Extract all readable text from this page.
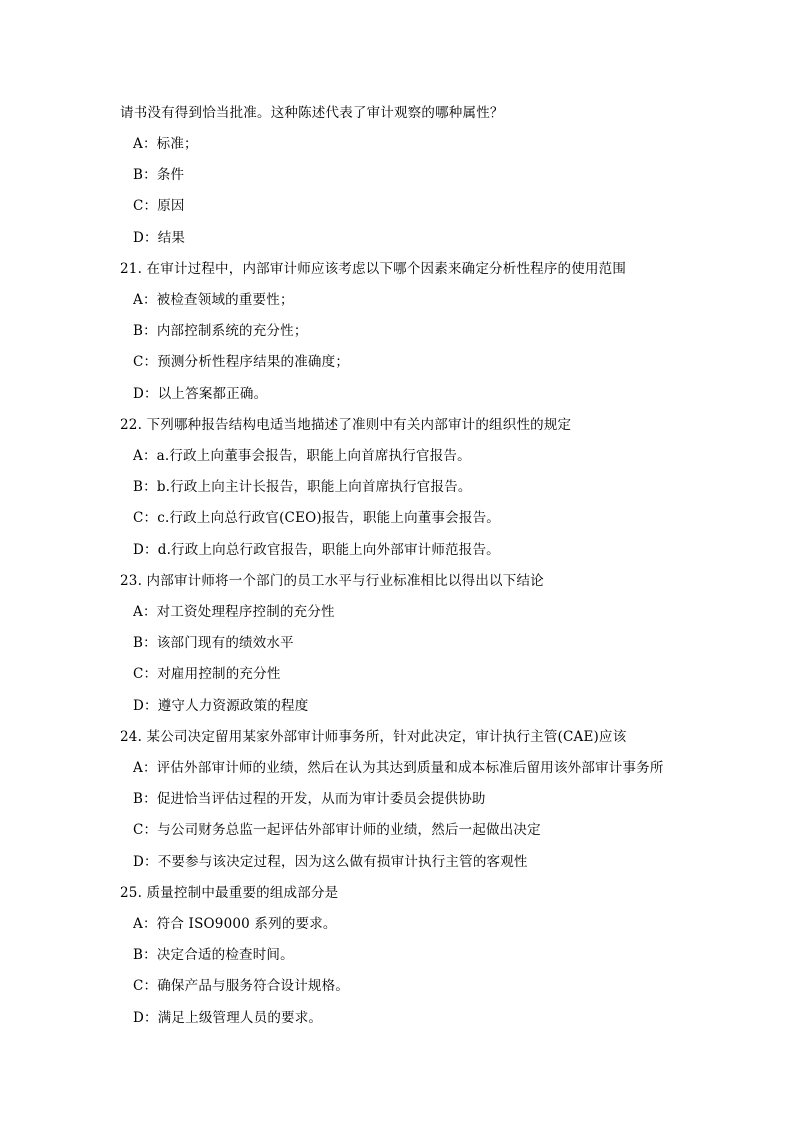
请书没有得到恰当批准。这种陈述代表了审计观察的哪种属性？
A：标准；
B：条件
C：原因
D：结果
21. 在审计过程中，内部审计师应该考虑以下哪个因素来确定分析性程序的使用范围
A：被检查领域的重要性；
B：内部控制系统的充分性；
C：预测分析性程序结果的准确度；
D：以上答案都正确。
22. 下列哪种报告结构电适当地描述了准则中有关内部审计的组织性的规定
A：a.行政上向董事会报告，职能上向首席执行官报告。
B：b.行政上向主计长报告，职能上向首席执行官报告。
C：c.行政上向总行政官(CEO)报告，职能上向董事会报告。
D：d.行政上向总行政官报告，职能上向外部审计师范报告。
23. 内部审计师将一个部门的员工水平与行业标准相比以得出以下结论
A：对工资处理程序控制的充分性
B：该部门现有的绩效水平
C：对雇用控制的充分性
D：遵守人力资源政策的程度
24. 某公司决定留用某家外部审计师事务所，针对此决定，审计执行主管(CAE)应该
A：评估外部审计师的业绩，然后在认为其达到质量和成本标准后留用该外部审计事务所
B：促进恰当评估过程的开发，从而为审计委员会提供协助
C：与公司财务总监一起评估外部审计师的业绩，然后一起做出决定
D：不要参与该决定过程，因为这么做有损审计执行主管的客观性
25. 质量控制中最重要的组成部分是
A：符合 ISO9000 系列的要求。
B：决定合适的检查时间。
C：确保产品与服务符合设计规格。
D：满足上级管理人员的要求。
